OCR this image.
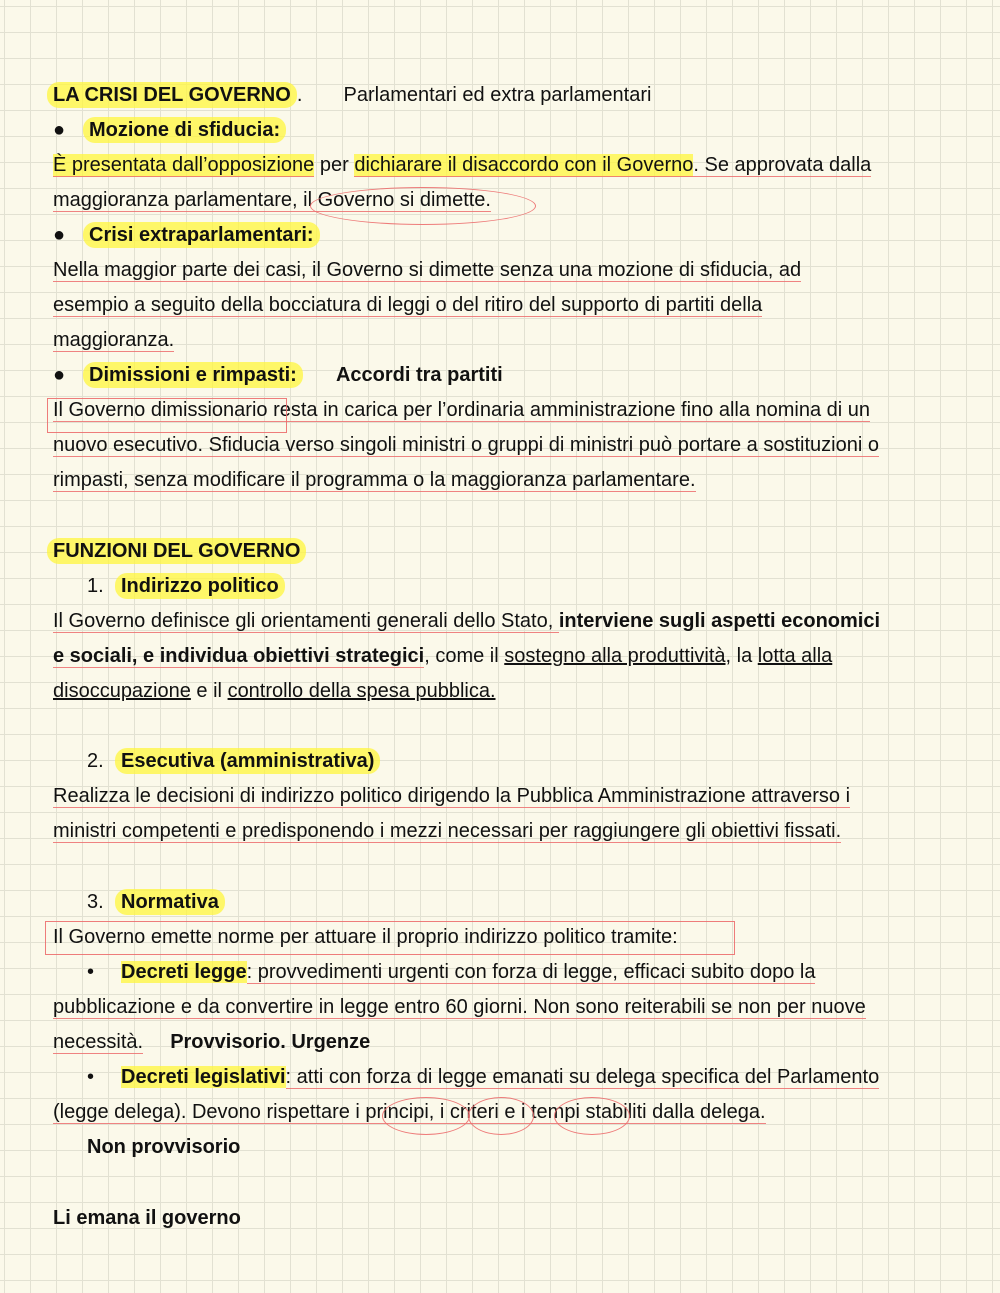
LA CRISI DEL GOVERNO . Parlamentari ed extra parlamentari

● Mozione di sfiducia:

È presentata dall’opposizione per dichiarare il disaccordo con il Governo. Se approvata dalla

maggioranza parlamentare, il Governo si dimette.

● Crisi extraparlamentari:

Nella maggior parte dei casi, il Governo si dimette senza una mozione di sfiducia, ad

esempio a seguito della bocciatura di leggi o del ritiro del supporto di partiti della

maggioranza.

● Dimissioni e rimpasti: Accordi tra partiti

Il Governo dimissionario resta in carica per l’ordinaria amministrazione fino alla nomina di un

nuovo esecutivo. Sfiducia verso singoli ministri o gruppi di ministri può portare a sostituzioni o

rimpasti, senza modificare il programma o la maggioranza parlamentare.

FUNZIONI DEL GOVERNO

1. Indirizzo politico

Il Governo definisce gli orientamenti generali dello Stato, interviene sugli aspetti economici

e sociali, e individua obiettivi strategici, come il sostegno alla produttività, la lotta alla

disoccupazione e il controllo della spesa pubblica.

2. Esecutiva (amministrativa)

Realizza le decisioni di indirizzo politico dirigendo la Pubblica Amministrazione attraverso i

ministri competenti e predisponendo i mezzi necessari per raggiungere gli obiettivi fissati.

3. Normativa

Il Governo emette norme per attuare il proprio indirizzo politico tramite:

• Decreti legge: provvedimenti urgenti con forza di legge, efficaci subito dopo la

pubblicazione e da convertire in legge entro 60 giorni. Non sono reiterabili se non per nuove

necessità. Provvisorio. Urgenze

• Decreti legislativi: atti con forza di legge emanati su delega specifica del Parlamento

(legge delega). Devono rispettare i principi, i criteri e i tempi stabiliti dalla delega.

Non provvisorio

Li emana il governo
